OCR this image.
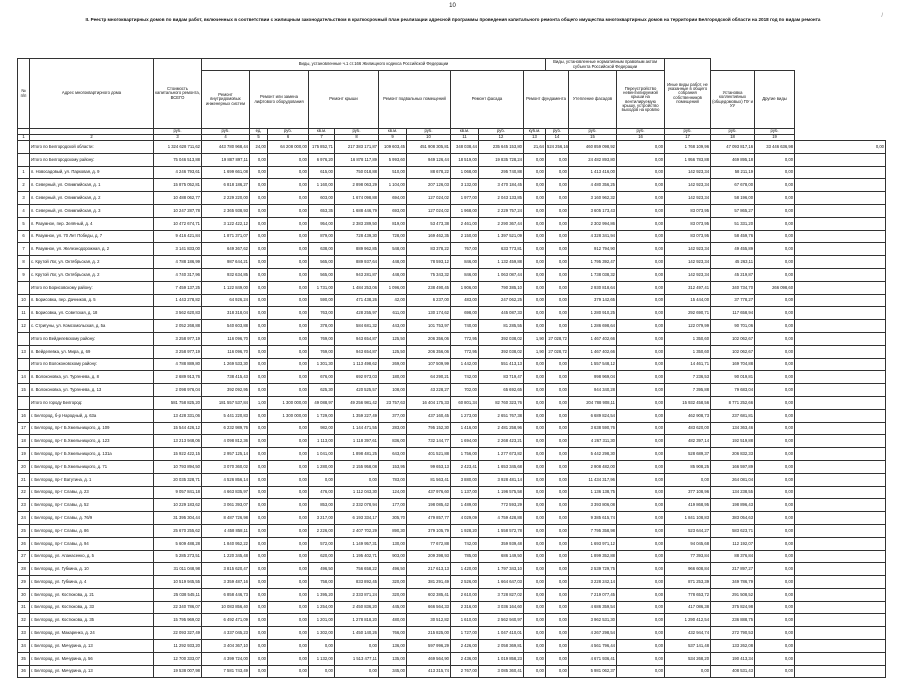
10
/
II. Реестр многоквартирных домов по видам работ, включенных в соответствии с жилищным законодательством в краткосрочный план реализации адресной программы проведения капитального ремонта общего имущества многоквартирных домов на территории Белгородской области на 2018 год по видам ремонта
№ п/п	Адрес многоквартирного дома	Стоимость капитального ремонта, ВСЕГО	Виды, установленные ч.1 ст.166 Жилищного кодекса Российской Федерации										Виды, установленные нормативным правовым актом субъекта Российской Федерации			Иные виды работ, не указанные в общего собрания собственников помещений			
			Ремонт внутридомовых инженерных систем	Ремонт или замена лифтового оборудования		Ремонт крыши		Ремонт подвальных помещений		Ремонт фасада		Ремонт фундамента		Утепление фасадов	Переустройство невентилируемой крыши на вентилируемую крышу, устройство выходов на кровлю		Установка коллективных (общедомовых) ПУ и УУ	Другие виды	
		руб.	руб.	ед.	руб.	кв.м.	руб.	кв.м.	руб.	кв.м.	руб.	куб.м.	руб.	руб.	руб.	руб.	руб.	руб.	
1	2	3	4	5	6	7	8	9	10	11	12	13	14	15	16	17	18	19	
	Итого по Белгородской области:	1 324 628 711,62	443 780 968,44	24,00	64 208 000,00	175 852,71	217 383 171,87	109 603,45	451 908 305,81	348 038,44	235 645 153,80	21,64	524 256,16	460 859 098,92	0,00	1 768 109,96	47 093 817,16	33 446 636,98	0,00
	Итого по Белгородскому району:	75 046 513,88	19 887 897,11	0,00	0,00	6 976,20	16 878 117,89	5 993,60	949 126,44	18 519,00	19 835 728,24	0,00	0,00	24 482 893,80	0,00	1 956 783,88	469 895,18	0,00	
1	п. Новосадовый, ул. Парковая, д. 9	4 246 793,61	1 699 661,08	0,00	0,00	615,00	750 018,88	510,00	88 678,22	1 068,00	295 740,88	0,00	0,00	1 413 416,00	0,00	142 923,34	58 211,19	0,00	
2	п. Северный, ул. Олимпийская, д. 1	15 875 052,81	6 818 186,27	0,00	0,00	1 160,00	2 898 063,29	1 104,00	207 126,03	3 132,00	3 470 184,45	0,00	0,00	4 480 356,25	0,00	142 923,34	67 678,00	0,00	
3	п. Северный, ул. Олимпийская, д. 2	10 488 062,77	2 229 220,00	0,00	0,00	603,00	1 674 098,88	694,00	127 024,02	1 977,00	2 043 133,85	0,00	0,00	3 160 962,32	0,00	142 923,34	58 196,00	0,00	
4	п. Северный, ул. Олимпийская, д. 3	10 247 287,78	2 365 938,93	0,00	0,00	653,35	1 688 446,79	693,00	127 024,02	1 968,00	2 229 757,24	0,00	0,00	3 605 173,43	0,00	83 073,95	57 865,27	0,00	
5	п. Разумное, пер. Зелёный, д. 4	10 472 674,71	3 122 422,12	0,00	0,00	954,00	2 383 289,50	819,00	53 473,38	2 461,00	2 290 367,44	0,00	0,00	2 302 994,86	0,00	83 073,95	51 331,20	0,00	
6	п. Разумное, ул. 70 Лет Победы, д. 7	9 416 421,84	1 871 371,07	0,00	0,00	879,00	728 439,30	728,00	169 462,35	2 150,00	1 397 521,09	0,00	0,00	4 328 341,94	0,00	83 073,95	58 459,76	0,00	
7	п. Разумное, ул. Железнодорожная, д. 2	3 141 833,00	649 367,62	0,00	0,00	638,00	889 962,85	548,00	83 378,22	767,00	633 773,81	0,00	0,00	912 794,90	0,00	142 923,34	49 455,89	0,00	
8	с. Крутой Лог, ул. Октябрьская, д. 2	4 788 186,99	987 644,21	0,00	0,00	565,00	889 937,64	448,00	78 593,12	846,00	1 132 459,88	0,00	0,00	1 795 392,47	0,00	142 923,34	45 263,11	0,00	
9	с. Крутой Лог, ул. Октябрьская, д. 2	4 740 317,96	932 634,85	0,00	0,00	565,00	943 281,87	448,00	75 343,32	846,00	1 063 087,44	0,00	0,00	1 738 038,32	0,00	142 923,34	45 219,87	0,00	
	Итого по Борисовскому району:	7 459 137,25	1 122 849,00	0,00	0,00	1 731,00	1 484 253,06	1 096,00	238 490,45	1 906,00	790 385,10	0,00	0,00	2 930 818,64	0,00	312 497,41	340 734,70	266 098,60	
10	п. Борисовка, пер. Дачников, д. 5	1 443 278,82	64 926,24	0,00	0,00	590,00	471 438,26	42,00	6 237,00	483,00	247 062,25	0,00	0,00	379 142,65	0,00	15 444,00	37 778,27	0,00	
11	п. Борисовка, ул. Советская, д. 18	3 562 620,83	318 318,04	0,00	0,00	763,00	428 255,97	611,00	130 174,62	698,00	445 087,33	0,00	0,00	1 280 910,25	0,00	292 690,71	117 658,94	0,00	
12	с. Стригуны, ул. Комсомольская, д. 5а	2 052 268,88	540 603,88	0,00	0,00	378,00	584 681,32	443,00	101 753,97	740,00	81 285,55	0,00	0,00	1 286 698,64	0,00	122 079,99	90 701,06	0,00	
	Итого по Вейделевскому району:	3 258 977,19	116 096,70	0,00	0,00	769,00	943 654,87	125,50	206 356,06	772,95	392 038,02	1,90	27 028,72	1 467 402,66	0,00	1 350,60	102 062,67	0,00	
13	п. Вейделевка, ул. Мира, д. 69	3 258 977,19	116 096,70	0,00	0,00	769,00	943 654,87	125,50	206 356,06	772,95	392 038,02	1,90	27 028,72	1 467 402,66	0,00	1 350,60	102 062,67	0,00	
	Итого по Волоконовскому району:	4 788 889,80	1 269 533,30	0,00	0,00	1 301,30	1 113 498,62	269,00	107 509,99	1 442,00	551 413,13	0,00	0,00	1 557 548,12	0,00	14 461,71	169 704,88	0,00	
14	п. Волоконовка, ул. Тургенева, д. 8	2 689 913,76	738 415,43	0,00	0,00	676,00	692 973,03	180,00	64 290,21	742,00	83 719,47	0,00	0,00	998 969,04	0,00	7 236,53	90 019,81	0,00	
15	п. Волоконовка, ул. Тургенева, д. 13	2 098 976,04	392 092,95	0,00	0,00	625,30	420 525,57	108,00	43 228,27	702,00	65 692,65	0,00	0,00	944 340,28	0,00	7 395,88	79 683,04	0,00	
	Итого по городу Белгород:	581 758 825,20	181 557 537,84	1,00	1 300 000,00	49 088,97	49 256 981,42	23 757,63	16 404 175,33	60 801,34	82 760 323,76	0,00	0,00	204 788 908,11	0,00	15 932 458,56	8 771 252,66	0,00	
16	г. Белгород, б-р Народный, д. 63а	13 428 331,06	5 441 220,83	0,00	1 300 000,00	1 729,00	1 359 227,49	377,00	437 160,45	1 273,00	2 651 767,38	0,00	0,00	6 689 824,54	0,00	462 908,73	237 681,81	0,00	
17	г. Белгород, пр-т Б.Хмельницкого, д. 109	15 544 426,12	6 232 989,76	0,00	0,00	982,00	1 144 471,55	283,00	795 152,30	1 416,00	2 481 258,96	0,00	0,00	3 638 590,76	0,00	483 620,00	134 363,46	0,00	
18	г. Белгород, пр-т Б.Хмельницкого, д. 123	13 213 948,06	4 098 812,36	0,00	0,00	1 113,00	1 118 397,61	836,00	732 144,77	1 694,00	2 268 423,21	0,00	0,00	4 267 311,30	0,00	482 397,14	192 519,88	0,00	
19	г. Белгород, пр-т Б.Хмельницкого, д. 131а	15 922 422,15	2 957 125,14	0,00	0,00	1 041,00	1 898 481,25	643,00	401 521,88	1 756,00	1 277 673,82	0,00	0,00	5 442 298,30	0,00	528 689,37	206 832,33	0,00	
20	г. Белгород, пр-т Б.Хмельницкого, д. 71	10 793 894,50	3 070 360,02	0,00	0,00	1 280,00	2 155 958,08	153,95	99 653,13	2 423,41	1 653 345,68	0,00	0,00	2 908 482,00	0,00	85 908,25	166 597,89	0,00	
21	г. Белгород, пр-т Ватутина, д. 1	20 035 328,71	4 526 856,14	0,00	0,00	0,00	0,00	783,00	81 563,41	3 880,00	3 928 481,14	0,00	0,00	11 434 317,96	0,00	0,00	264 081,04	0,00	
22	г. Белгород, пр-т Славы, д. 23	9 057 841,18	4 663 835,97	0,00	0,00	476,00	1 112 043,30	124,00	437 976,60	1 137,00	1 196 575,58	0,00	0,00	1 136 138,75	0,00	377 108,96	134 238,55	0,00	
23	г. Белгород, пр-т Славы, д. 52	10 229 183,62	3 061 393,07	0,00	0,00	853,00	2 332 078,94	177,00	198 085,42	1 489,00	772 593,29	0,00	0,00	3 393 806,08	0,00	419 868,95	198 896,43	0,00	
24	г. Белгород, пр-т Славы, д. 76/9	31 395 304,44	8 487 726,98	0,00	0,00	3 217,00	6 193 334,17	305,70	479 857,77	4 029,09	4 759 428,88	0,00	0,00	9 385 615,74	0,00	1 841 108,83	383 054,63	0,00	
25	г. Белгород, пр-т Славы, д. 86	25 670 255,62	4 458 858,11	0,00	0,00	2 226,00	2 407 702,29	890,30	379 105,79	1 928,20	1 558 572,78	0,00	0,00	7 795 358,98	0,00	523 644,27	583 623,71	0,00	
26	г. Белгород, пр-т Славы, д. 94	5 609 488,28	1 840 952,22	0,00	0,00	572,00	1 149 957,31	130,00	77 672,88	742,00	359 939,48	0,00	0,00	1 693 971,12	0,00	94 045,68	112 192,07	0,00	
27	г. Белгород, ул. Апанасенко, д. 5	5 285 273,51	1 220 345,48	0,00	0,00	620,00	1 195 402,71	903,00	209 398,93	785,00	686 149,50	0,00	0,00	1 899 352,88	0,00	77 393,84	88 376,84	0,00	
28	г. Белгород, ул. Губкина, д. 10	31 011 048,98	3 815 620,47	0,00	0,00	496,50	756 658,22	496,50	217 613,13	1 420,00	1 797 343,10	0,00	0,00	2 539 729,75	0,00	966 608,84	217 897,27	0,00	
29	г. Белгород, ул. Губкина, д. 4	10 519 945,55	3 359 487,16	0,00	0,00	758,00	833 892,45	320,00	381 291,49	2 526,00	1 664 647,03	0,00	0,00	3 228 242,14	0,00	871 253,39	349 786,79	0,00	
30	г. Белгород, ул. Костюкова, д. 21	25 038 545,11	6 858 446,73	0,00	0,00	1 395,20	2 333 871,24	320,00	602 385,41	2 610,00	3 728 827,02	0,00	0,00	7 219 077,45	0,00	778 653,72	291 508,52	0,00	
31	г. Белгород, ул. Костюкова, д. 33	22 340 786,07	10 083 856,40	0,00	0,00	1 254,00	2 450 836,20	445,00	666 564,33	2 316,00	3 036 164,60	0,00	0,00	4 686 359,54	0,00	417 086,38	375 824,98	0,00	
32	г. Белгород, ул. Костюкова, д. 35	15 795 969,02	6 492 471,09	0,00	0,00	1 201,00	1 278 818,20	480,00	30 512,82	1 610,00	2 562 940,97	0,00	0,00	3 962 531,30	0,00	1 290 412,54	236 888,75	0,00	
33	г. Белгород, ул. Макаренко, д. 24	22 093 327,49	4 337 045,23	0,00	0,00	1 302,00	1 450 140,26	766,00	215 825,00	1 727,00	1 047 410,01	0,00	0,00	4 267 298,54	0,00	432 944,74	272 790,53	0,00	
34	г. Белгород, ул. Мичурина, д. 13	11 292 933,20	3 404 367,10	0,00	0,00	0,00	0,00	136,00	597 996,29	2 426,00	2 058 369,81	0,00	0,00	4 561 796,44	0,00	537 141,48	133 262,08	0,00	
35	г. Белгород, ул. Мичурина, д. 56	12 700 333,07	4 399 724,00	0,00	0,00	1 132,00	1 513 477,11	135,00	469 564,90	2 436,00	1 019 858,23	0,00	0,00	4 671 936,41	0,00	534 268,20	190 413,34	0,00	
36	г. Белгород, ул. Мичурина, д. 13	19 538 007,98	7 581 743,49	0,00	0,00	0,00	0,00	345,00	413 315,74	2 767,00	3 085 360,41	0,00	0,00	5 981 062,37	0,00	0,00	408 531,43	0,00	
